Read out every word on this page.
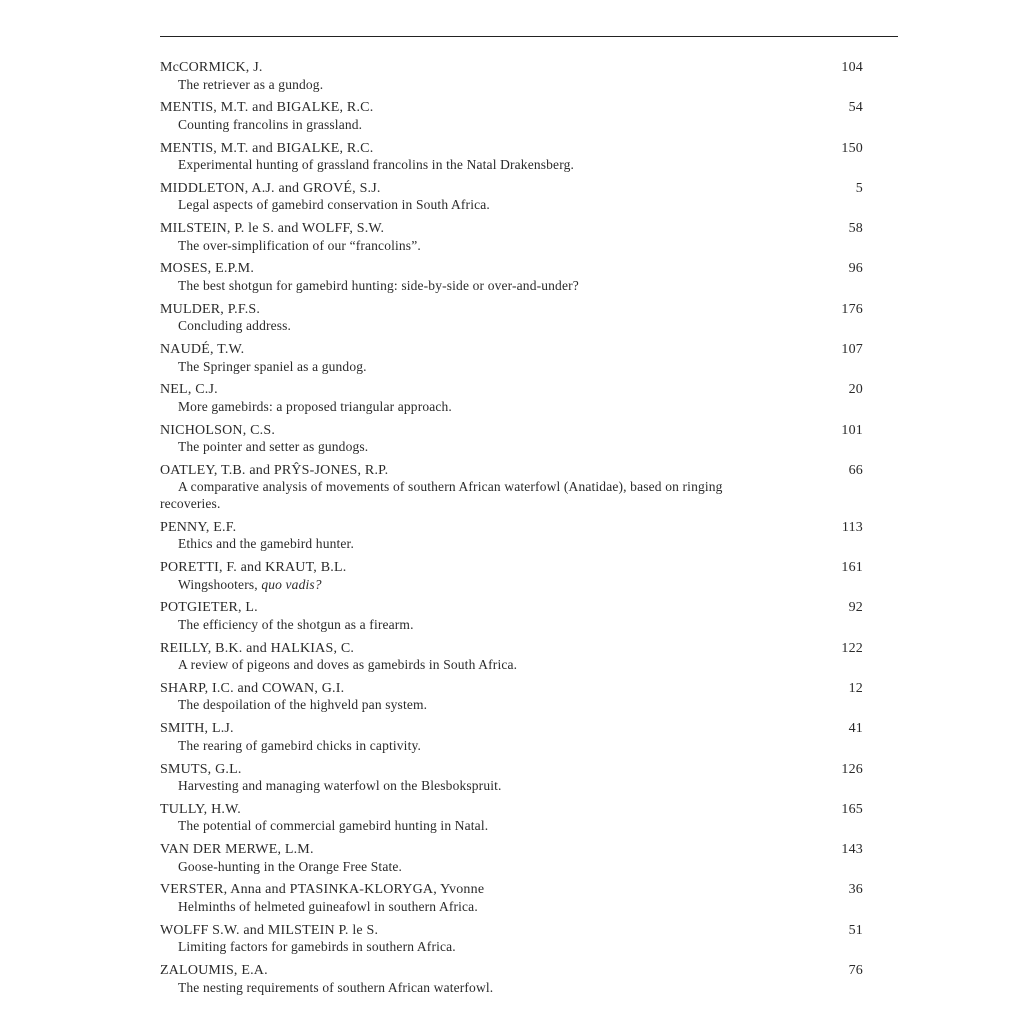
McCORMICK, J.	104
The retriever as a gundog.
MENTIS, M.T. and BIGALKE, R.C.	54
Counting francolins in grassland.
MENTIS, M.T. and BIGALKE, R.C.	150
Experimental hunting of grassland francolins in the Natal Drakensberg.
MIDDLETON, A.J. and GROVÉ, S.J.	5
Legal aspects of gamebird conservation in South Africa.
MILSTEIN, P. le S. and WOLFF, S.W.	58
The over-simplification of our “francolins”.
MOSES, E.P.M.	96
The best shotgun for gamebird hunting: side-by-side or over-and-under?
MULDER, P.F.S.	176
Concluding address.
NAUDÉ, T.W.	107
The Springer spaniel as a gundog.
NEL, C.J.	20
More gamebirds: a proposed triangular approach.
NICHOLSON, C.S.	101
The pointer and setter as gundogs.
OATLEY, T.B. and PRŶS-JONES, R.P.	66
A comparative analysis of movements of southern African waterfowl (Anatidae), based on ringing
recoveries.
PENNY, E.F.	113
Ethics and the gamebird hunter.
PORETTI, F. and KRAUT, B.L.	161
Wingshooters, quo vadis?
POTGIETER, L.	92
The efficiency of the shotgun as a firearm.
REILLY, B.K. and HALKIAS, C.	122
A review of pigeons and doves as gamebirds in South Africa.
SHARP, I.C. and COWAN, G.I.	12
The despoilation of the highveld pan system.
SMITH, L.J.	41
The rearing of gamebird chicks in captivity.
SMUTS, G.L.	126
Harvesting and managing waterfowl on the Blesbokspruit.
TULLY, H.W.	165
The potential of commercial gamebird hunting in Natal.
VAN DER MERWE, L.M.	143
Goose-hunting in the Orange Free State.
VERSTER, Anna and PTASINKA-KLORYGA, Yvonne	36
Helminths of helmeted guineafowl in southern Africa.
WOLFF S.W. and MILSTEIN P. le S.	51
Limiting factors for gamebirds in southern Africa.
ZALOUMIS, E.A.	76
The nesting requirements of southern African waterfowl.
